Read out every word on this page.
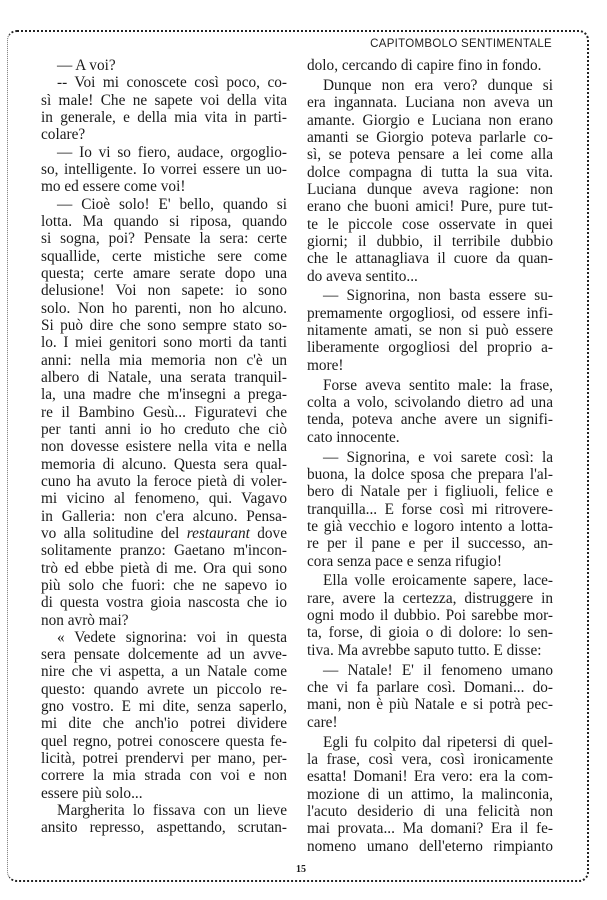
CAPITOMBOLO SENTIMENTALE
— A voi?
-- Voi mi conoscete così poco, co-
sì male! Che ne sapete voi della vita
in generale, e della mia vita in parti-
colare?
— Io vi so fiero, audace, orgoglio-
so, intelligente. Io vorrei essere un uo-
mo ed essere come voi!
— Cioè solo! E' bello, quando si
lotta. Ma quando si riposa, quando
si sogna, poi? Pensate la sera: certe
squallide, certe mistiche sere come
questa; certe amare serate dopo una
delusione! Voi non sapete: io sono
solo. Non ho parenti, non ho alcuno.
Si può dire che sono sempre stato so-
lo. I miei genitori sono morti da tanti
anni: nella mia memoria non c'è un
albero di Natale, una serata tranquil-
la, una madre che m'insegni a prega-
re il Bambino Gesù... Figuratevi che
per tanti anni io ho creduto che ciò
non dovesse esistere nella vita e nella
memoria di alcuno. Questa sera qual-
cuno ha avuto la feroce pietà di voler-
mi vicino al fenomeno, qui. Vagavo
in Galleria: non c'era alcuno. Pensa-
vo alla solitudine del restaurant dove
solitamente pranzo: Gaetano m'incon-
trò ed ebbe pietà di me. Ora qui sono
più solo che fuori: che ne sapevo io
di questa vostra gioia nascosta che io
non avrò mai?
« Vedete signorina: voi in questa
sera pensate dolcemente ad un avve-
nire che vi aspetta, a un Natale come
questo: quando avrete un piccolo re-
gno vostro. E mi dite, senza saperlo,
mi dite che anch'io potrei dividere
quel regno, potrei conoscere questa fe-
licità, potrei prendervi per mano, per-
correre la mia strada con voi e non
essere più solo...
Margherita lo fissava con un lieve
ansito represso, aspettando, scrutan-
dolo, cercando di capire fino in fondo.
Dunque non era vero? dunque si
era ingannata. Luciana non aveva un
amante. Giorgio e Luciana non erano
amanti se Giorgio poteva parlarle co-
sì, se poteva pensare a lei come alla
dolce compagna di tutta la sua vita.
Luciana dunque aveva ragione: non
erano che buoni amici! Pure, pure tut-
te le piccole cose osservate in quei
giorni; il dubbio, il terribile dubbio
che le attanagliava il cuore da quan-
do aveva sentito...
— Signorina, non basta essere su-
premamente orgogliosi, od essere infi-
nitamente amati, se non si può essere
liberamente orgogliosi del proprio a-
more!
Forse aveva sentito male: la frase,
colta a volo, scivolando dietro ad una
tenda, poteva anche avere un signifi-
cato innocente.
— Signorina, e voi sarete così: la
buona, la dolce sposa che prepara l'al-
bero di Natale per i figliuoli, felice e
tranquilla... E forse così mi ritrovere-
te già vecchio e logoro intento a lotta-
re per il pane e per il successo, an-
cora senza pace e senza rifugio!
Ella volle eroicamente sapere, lace-
rare, avere la certezza, distruggere in
ogni modo il dubbio. Poi sarebbe mor-
ta, forse, di gioia o di dolore: lo sen-
tiva. Ma avrebbe saputo tutto. E disse:
— Natale! E' il fenomeno umano
che vi fa parlare così. Domani... do-
mani, non è più Natale e si potrà pec-
care!
Egli fu colpito dal ripetersi di quel-
la frase, così vera, così ironicamente
esatta! Domani! Era vero: era la com-
mozione di un attimo, la malinconia,
l'acuto desiderio di una felicità non
mai provata... Ma domani? Era il fe-
nomeno umano dell'eterno rimpianto
15
